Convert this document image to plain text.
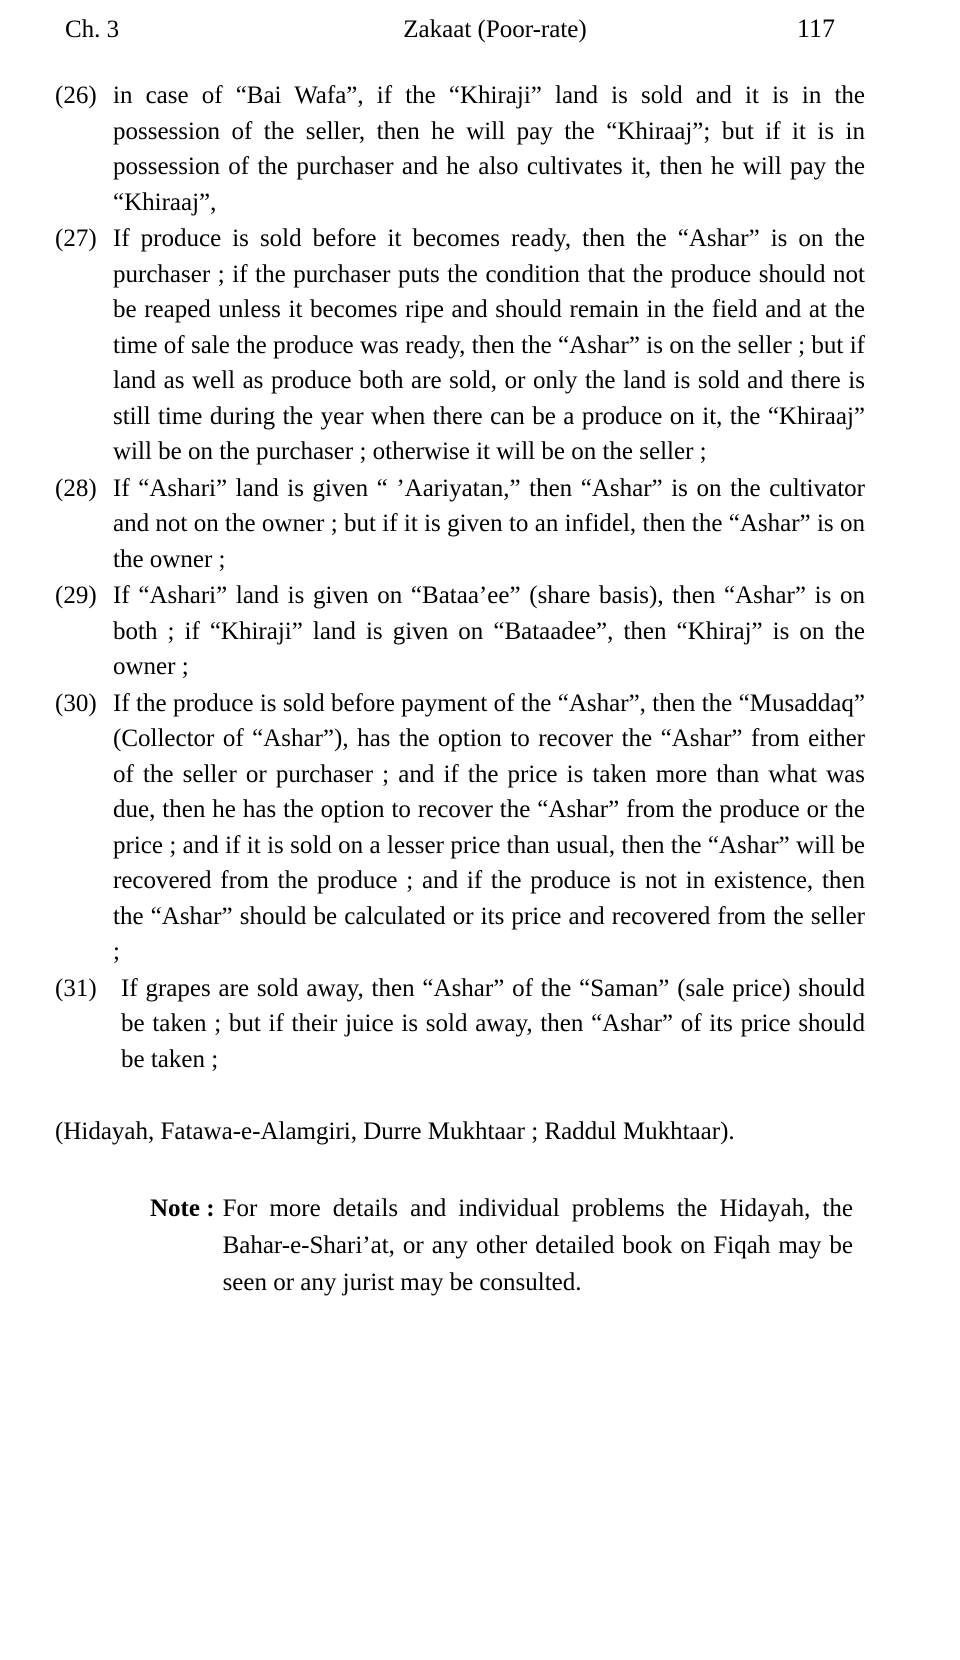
Ch. 3	Zakaat (Poor-rate)	117
(26) in case of “Bai Wafa”, if the “Khiraji” land is sold and it is in the possession of the seller, then he will pay the “Khiraaj”; but if it is in possession of the purchaser and he also cultivates it, then he will pay the “Khiraaj”,
(27) If produce is sold before it becomes ready, then the “Ashar” is on the purchaser ; if the purchaser puts the condition that the produce should not be reaped unless it becomes ripe and should remain in the field and at the time of sale the produce was ready, then the “Ashar” is on the seller ; but if land as well as produce both are sold, or only the land is sold and there is still time during the year when there can be a produce on it, the “Khiraaj” will be on the purchaser ; otherwise it will be on the seller ;
(28) If “Ashari” land is given “ ’Aariyatan,” then “Ashar” is on the cultivator and not on the owner ; but if it is given to an infidel, then the “Ashar” is on the owner ;
(29) If “Ashari” land is given on “Bataa’ee” (share basis), then “Ashar” is on both ; if “Khiraji” land is given on “Bataadee”, then “Khiraj” is on the owner ;
(30) If the produce is sold before payment of the “Ashar”, then the “Musaddaq” (Collector of “Ashar”), has the option to recover the “Ashar” from either of the seller or purchaser ; and if the price is taken more than what was due, then he has the option to recover the “Ashar” from the produce or the price ; and if it is sold on a lesser price than usual, then the “Ashar” will be recovered from the produce ; and if the produce is not in existence, then the “Ashar” should be calculated or its price and recovered from the seller ;
(31) If grapes are sold away, then “Ashar” of the “Saman” (sale price) should be taken ; but if their juice is sold away, then “Ashar” of its price should be taken ;
(Hidayah, Fatawa-e-Alamgiri, Durre Mukhtaar ; Raddul Mukhtaar).
Note : For more details and individual problems the Hidayah, the Bahar-e-Shari’at, or any other detailed book on Fiqah may be seen or any jurist may be consulted.
